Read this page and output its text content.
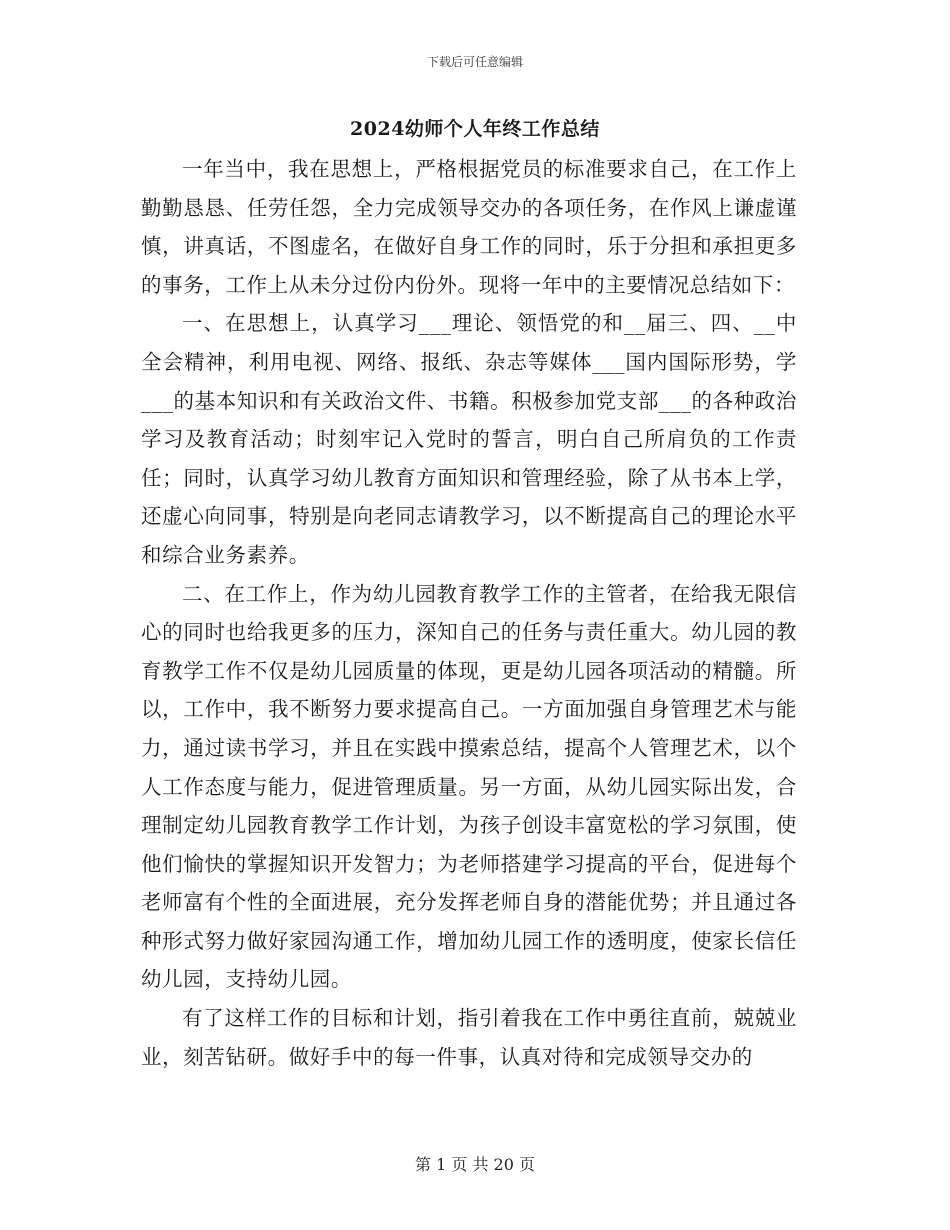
下载后可任意编辑
2024幼师个人年终工作总结

一年当中，我在思想上，严格根据党员的标准要求自己，在工作上勤勤恳恳、任劳任怨，全力完成领导交办的各项任务，在作风上谦虚谨慎，讲真话，不图虚名，在做好自身工作的同时，乐于分担和承担更多的事务，工作上从未分过份内份外。现将一年中的主要情况总结如下：

一、在思想上，认真学习___理论、领悟党的和__届三、四、__中全会精神，利用电视、网络、报纸、杂志等媒体___国内国际形势，学___的基本知识和有关政治文件、书籍。积极参加党支部___的各种政治学习及教育活动；时刻牢记入党时的誓言，明白自己所肩负的工作责任；同时，认真学习幼儿教育方面知识和管理经验，除了从书本上学，还虚心向同事，特别是向老同志请教学习，以不断提高自己的理论水平和综合业务素养。

二、在工作上，作为幼儿园教育教学工作的主管者，在给我无限信心的同时也给我更多的压力，深知自己的任务与责任重大。幼儿园的教育教学工作不仅是幼儿园质量的体现，更是幼儿园各项活动的精髓。所以，工作中，我不断努力要求提高自己。一方面加强自身管理艺术与能力，通过读书学习，并且在实践中摸索总结，提高个人管理艺术，以个人工作态度与能力，促进管理质量。另一方面，从幼儿园实际出发，合理制定幼儿园教育教学工作计划，为孩子创设丰富宽松的学习氛围，使他们愉快的掌握知识开发智力；为老师搭建学习提高的平台，促进每个老师富有个性的全面进展，充分发挥老师自身的潜能优势；并且通过各种形式努力做好家园沟通工作，增加幼儿园工作的透明度，使家长信任幼儿园，支持幼儿园。

有了这样工作的目标和计划，指引着我在工作中勇往直前，兢兢业业，刻苦钻研。做好手中的每一件事，认真对待和完成领导交办的

第 1 页 共 20 页
